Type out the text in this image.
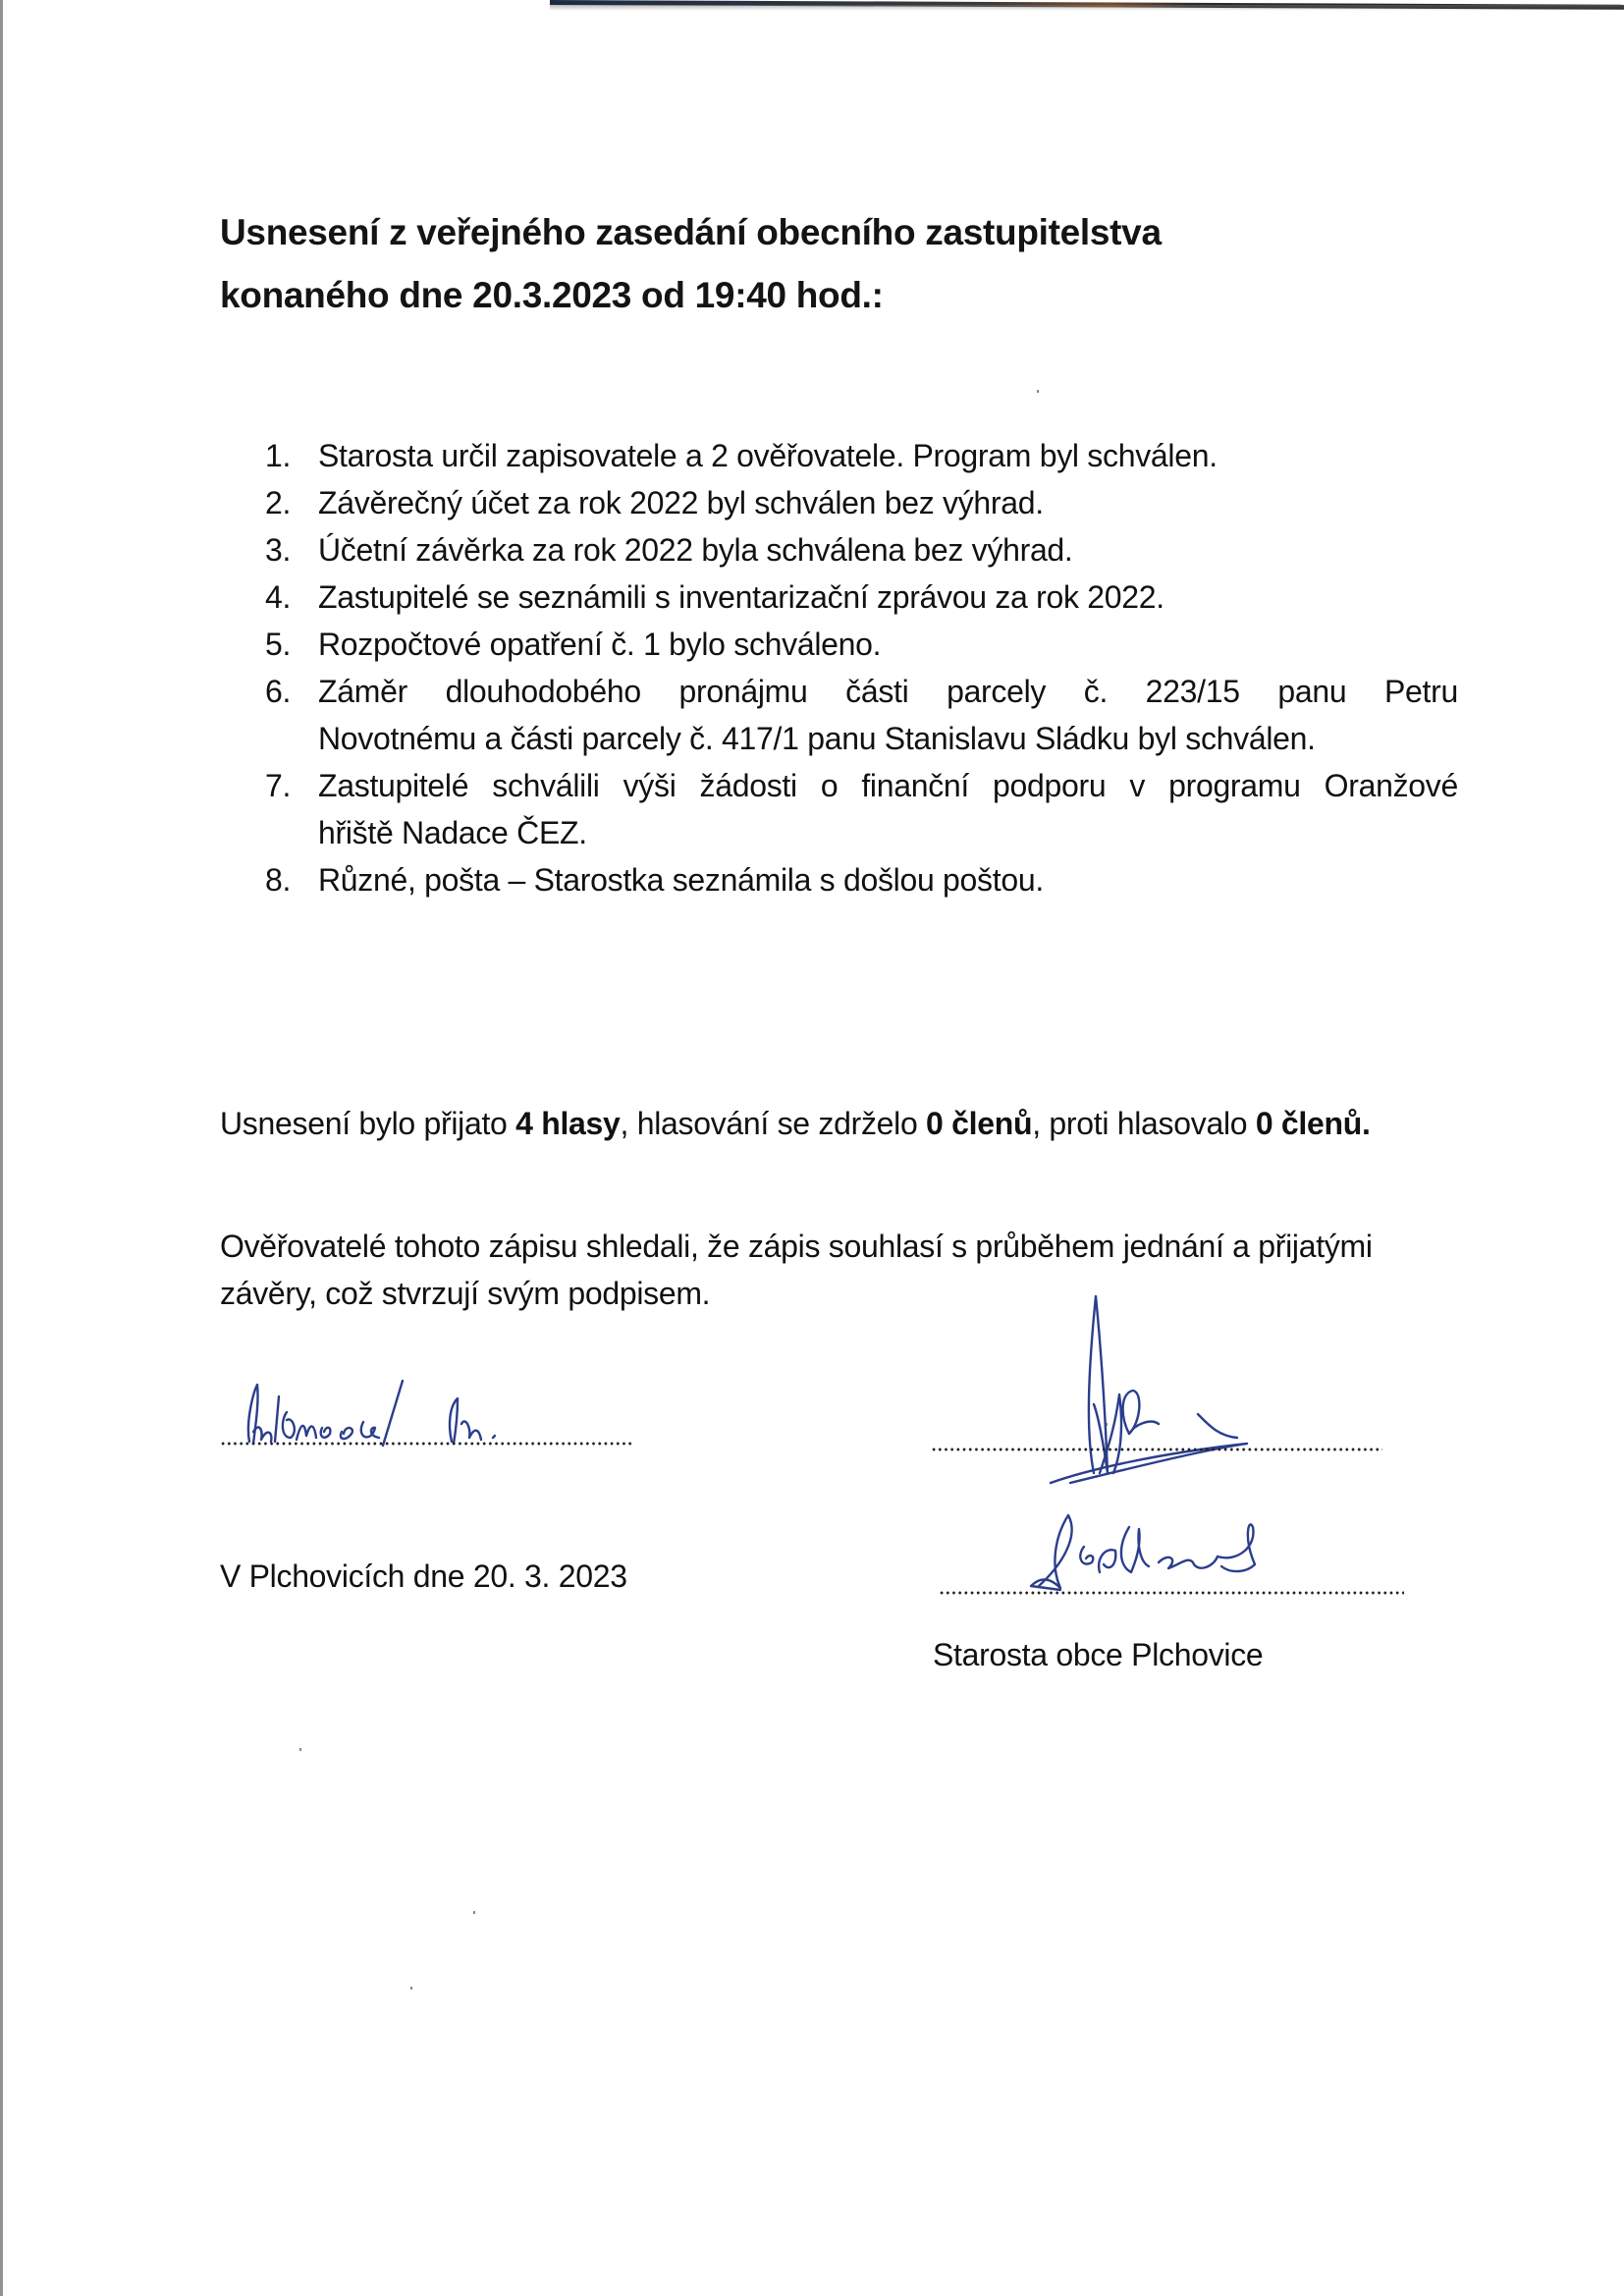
Usnesení z veřejného zasedání obecního zastupitelstva
konaného dne 20.3.2023 od 19:40 hod.:
1. Starosta určil zapisovatele a 2 ověřovatele. Program byl schválen.
2. Závěrečný účet za rok 2022 byl schválen bez výhrad.
3. Účetní závěrka za rok 2022 byla schválena bez výhrad.
4. Zastupitelé se seznámili s inventarizační zprávou za rok 2022.
5. Rozpočtové opatření č. 1 bylo schváleno.
6. Záměr dlouhodobého pronájmu části parcely č. 223/15 panu Petru
Novotnému a části parcely č. 417/1 panu Stanislavu Sládku byl schválen.
7. Zastupitelé schválili výši žádosti o finanční podporu v programu Oranžové
hřiště Nadace ČEZ.
8. Různé, pošta – Starostka seznámila s došlou poštou.
Usnesení bylo přijato 4 hlasy, hlasování se zdrželo 0 členů, proti hlasovalo 0 členů.
Ověřovatelé tohoto zápisu shledali, že zápis souhlasí s průběhem jednání a přijatými závěry, což stvrzují svým podpisem.
V Plchovicích dne 20. 3. 2023
Starosta obce Plchovice
